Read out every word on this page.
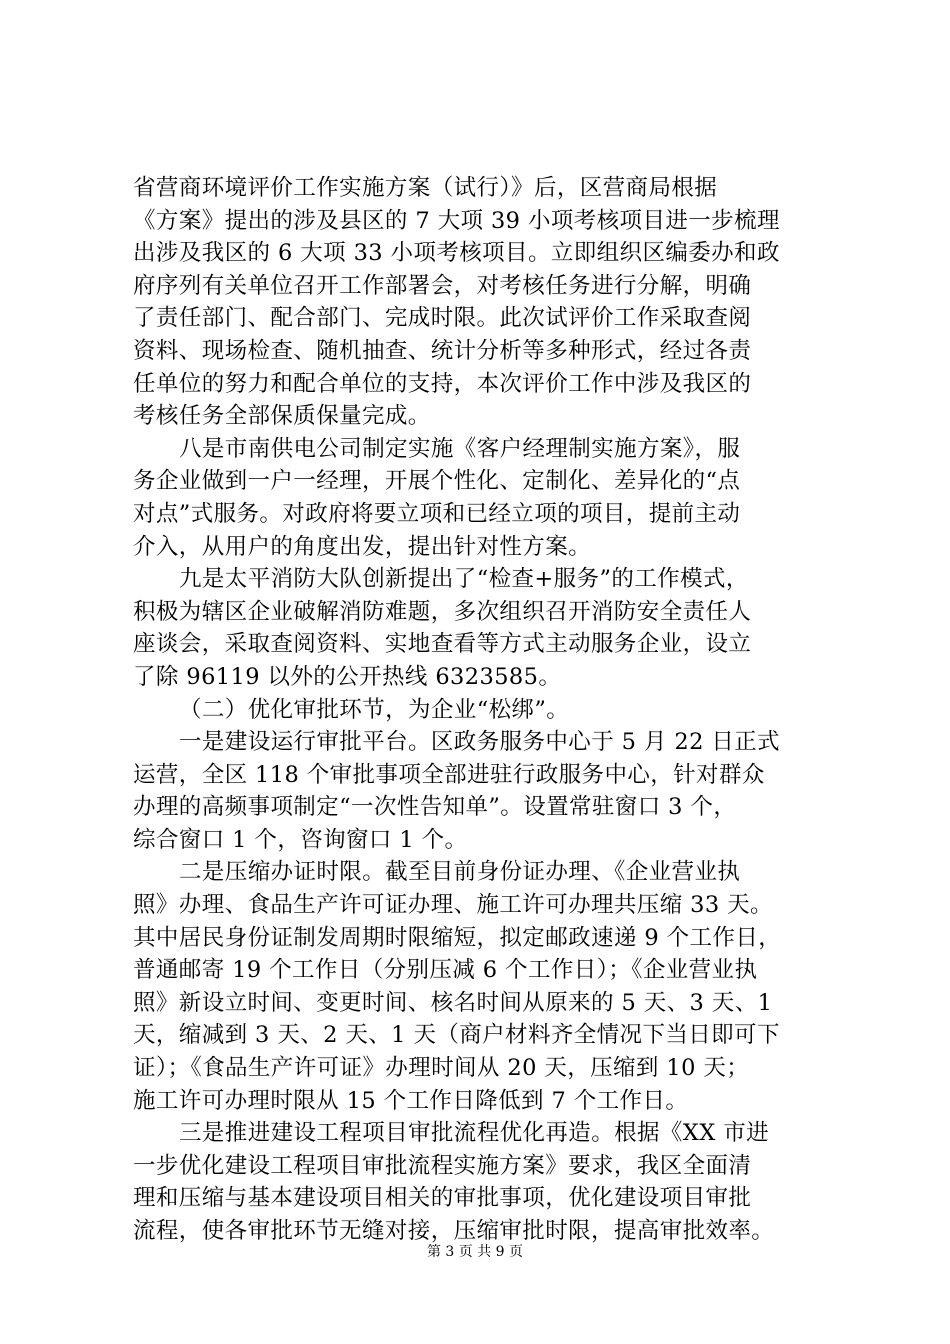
省营商环境评价工作实施方案（试行）》后，区营商局根据
《方案》提出的涉及县区的 7 大项 39 小项考核项目进一步梳理
出涉及我区的 6 大项 33 小项考核项目。立即组织区编委办和政
府序列有关单位召开工作部署会，对考核任务进行分解，明确
了责任部门、配合部门、完成时限。此次试评价工作采取查阅
资料、现场检查、随机抽查、统计分析等多种形式，经过各责
任单位的努力和配合单位的支持，本次评价工作中涉及我区的
考核任务全部保质保量完成。
八是市南供电公司制定实施《客户经理制实施方案》，服
务企业做到一户一经理，开展个性化、定制化、差异化的“点
对点”式服务。对政府将要立项和已经立项的项目，提前主动
介入，从用户的角度出发，提出针对性方案。
九是太平消防大队创新提出了“检查+服务”的工作模式，
积极为辖区企业破解消防难题，多次组织召开消防安全责任人
座谈会，采取查阅资料、实地查看等方式主动服务企业，设立
了除 96119 以外的公开热线 6323585。
（二）优化审批环节，为企业“松绑”。
一是建设运行审批平台。区政务服务中心于 5 月 22 日正式
运营，全区 118 个审批事项全部进驻行政服务中心，针对群众
办理的高频事项制定“一次性告知单”。设置常驻窗口 3 个，
综合窗口 1 个，咨询窗口 1 个。
二是压缩办证时限。截至目前身份证办理、《企业营业执
照》办理、食品生产许可证办理、施工许可办理共压缩 33 天。
其中居民身份证制发周期时限缩短，拟定邮政速递 9 个工作日，
普通邮寄 19 个工作日（分别压减 6 个工作日）；《企业营业执
照》新设立时间、变更时间、核名时间从原来的 5 天、3 天、1
天，缩减到 3 天、2 天、1 天（商户材料齐全情况下当日即可下
证）；《食品生产许可证》办理时间从 20 天，压缩到 10 天；
施工许可办理时限从 15 个工作日降低到 7 个工作日。
三是推进建设工程项目审批流程优化再造。根据《XX 市进
一步优化建设工程项目审批流程实施方案》要求，我区全面清
理和压缩与基本建设项目相关的审批事项，优化建设项目审批
流程，使各审批环节无缝对接，压缩审批时限，提高审批效率。
第 3 页 共 9 页
